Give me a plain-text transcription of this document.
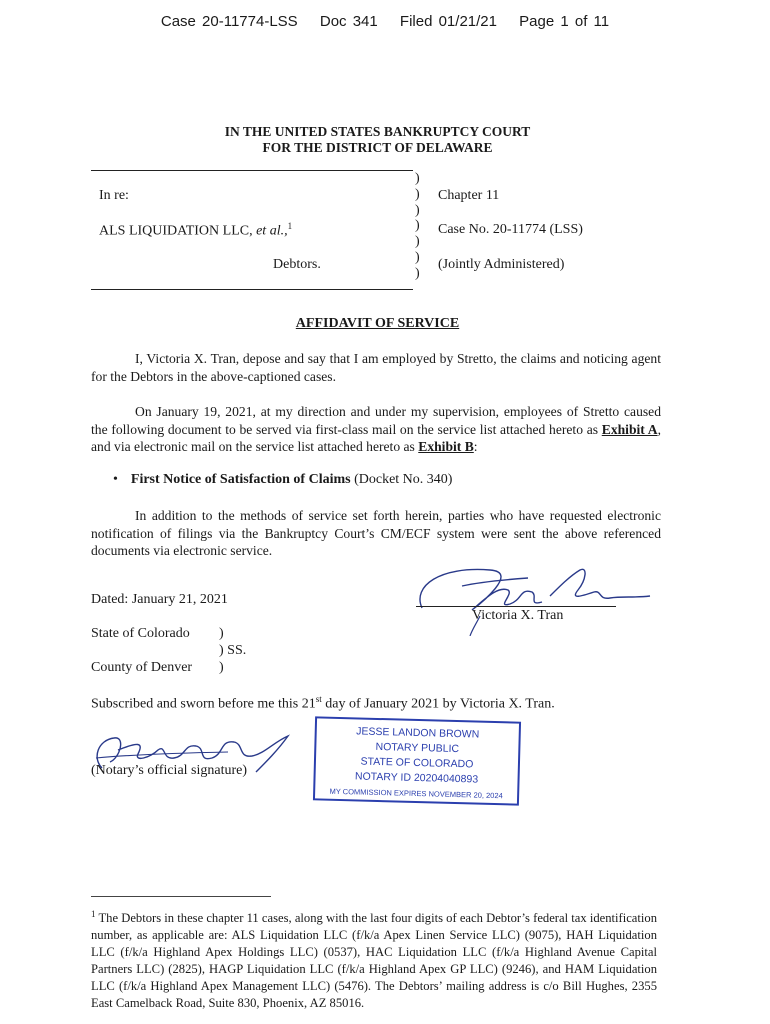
Case 20-11774-LSS Doc 341 Filed 01/21/21 Page 1 of 11
IN THE UNITED STATES BANKRUPTCY COURT
FOR THE DISTRICT OF DELAWARE
)
)
)
)
)
)
)
In re:
ALS LIQUIDATION LLC, et al.,$^1$
Debtors.
Chapter 11
Case No. 20-11774 (LSS)
(Jointly Administered)
AFFIDAVIT OF SERVICE
I, Victoria X. Tran, depose and say that I am employed by Stretto, the claims and noticing agent for the Debtors in the above-captioned cases.
On January 19, 2021, at my direction and under my supervision, employees of Stretto caused the following document to be served via first-class mail on the service list attached hereto as Exhibit A, and via electronic mail on the service list attached hereto as Exhibit B:
• First Notice of Satisfaction of Claims (Docket No. 340)
In addition to the methods of service set forth herein, parties who have requested electronic notification of filings via the Bankruptcy Court’s CM/ECF system were sent the above referenced documents via electronic service.
Dated: January 21, 2021
Victoria X. Tran
State of Colorado )
) SS.
County of Denver )
Subscribed and sworn before me this 21st day of January 2021 by Victoria X. Tran.
(Notary’s official signature)
JESSE LANDON BROWN
NOTARY PUBLIC
STATE OF COLORADO
NOTARY ID 20204040893
MY COMMISSION EXPIRES NOVEMBER 20, 2024
$^1$ The Debtors in these chapter 11 cases, along with the last four digits of each Debtor’s federal tax identification number, as applicable are: ALS Liquidation LLC (f/k/a Apex Linen Service LLC) (9075), HAH Liquidation LLC (f/k/a Highland Apex Holdings LLC) (0537), HAC Liquidation LLC (f/k/a Highland Avenue Capital Partners LLC) (2825), HAGP Liquidation LLC (f/k/a Highland Apex GP LLC) (9246), and HAM Liquidation LLC (f/k/a Highland Apex Management LLC) (5476). The Debtors’ mailing address is c/o Bill Hughes, 2355 East Camelback Road, Suite 830, Phoenix, AZ 85016.
